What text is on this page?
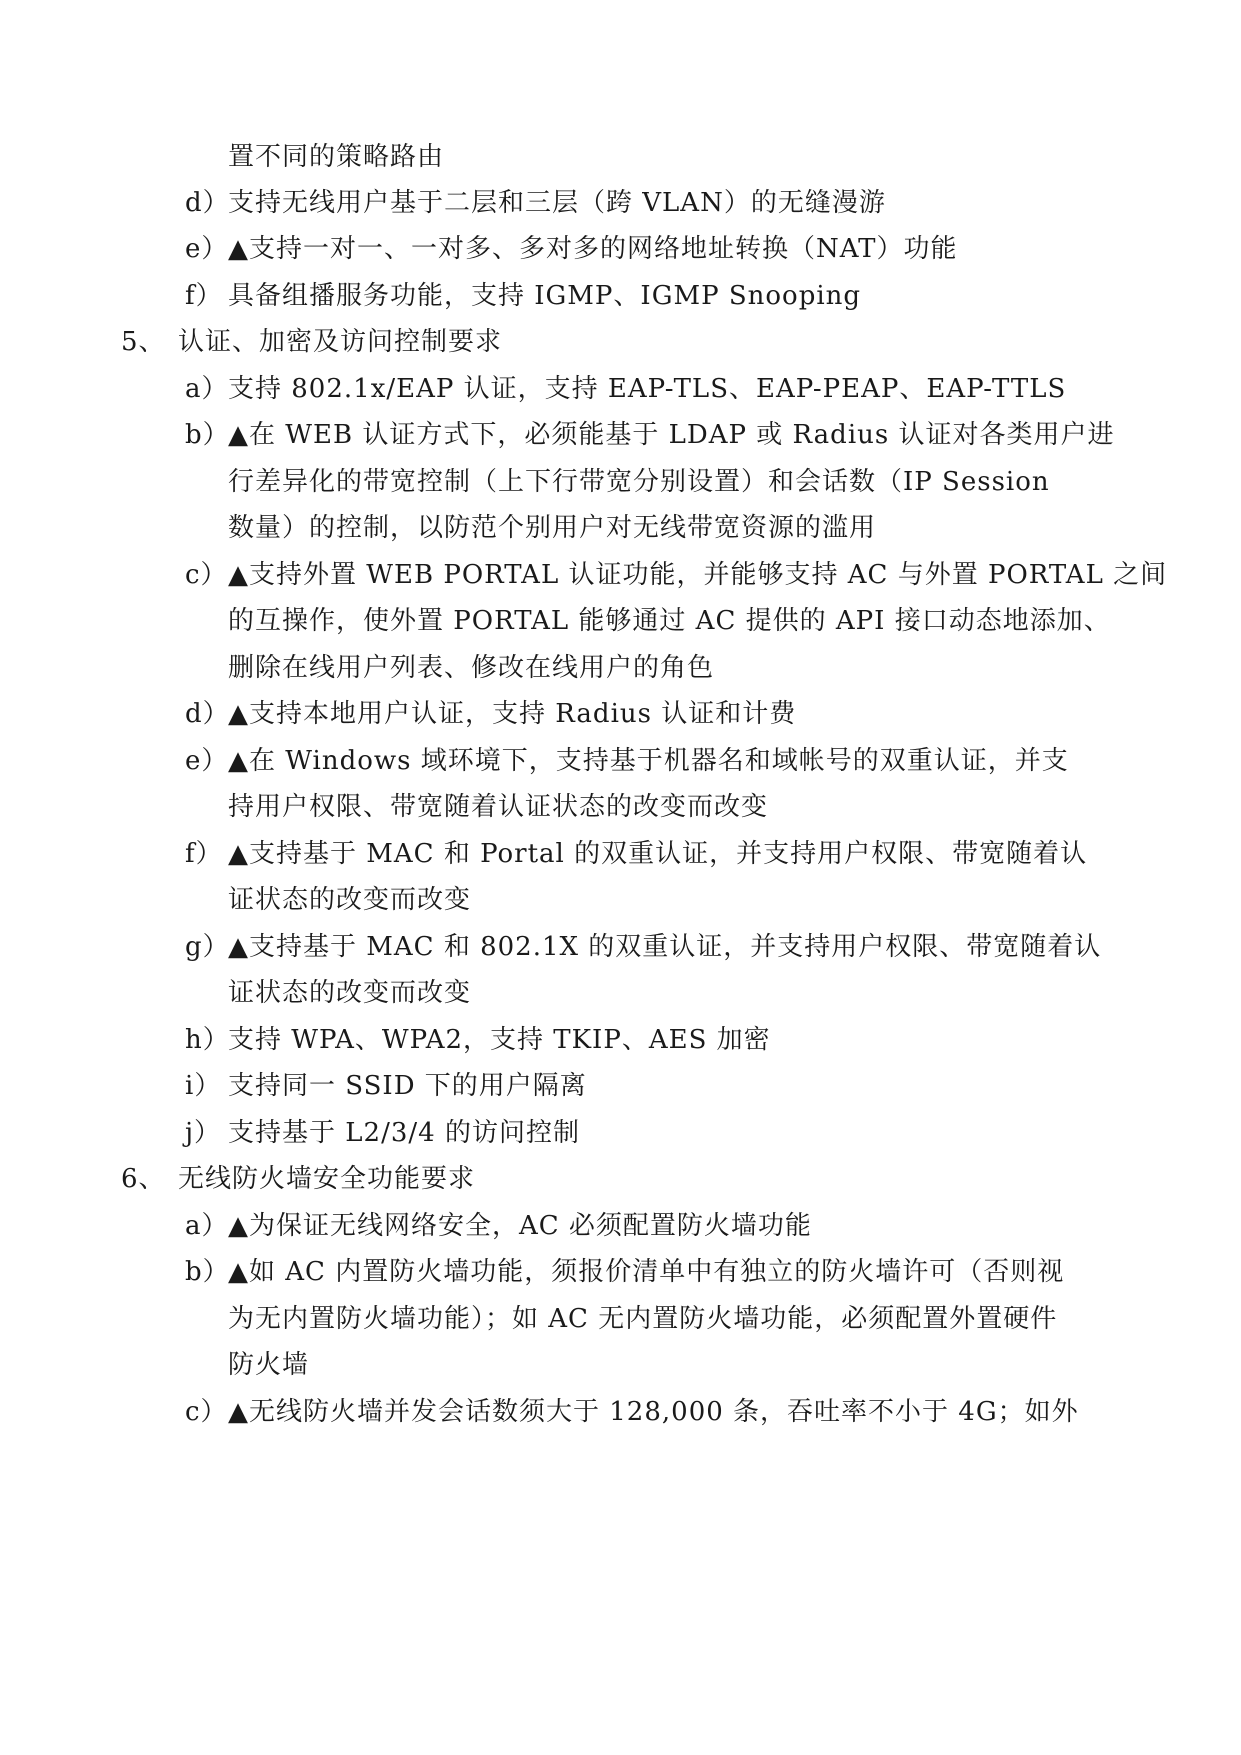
置不同的策略路由
d）
支持无线用户基于二层和三层（跨 VLAN）的无缝漫游
e） ▲支持一对一、一对多、多对多的网络地址转换（NAT）功能
f） 具备组播服务功能，支持 IGMP、IGMP Snooping
5、 认证、加密及访问控制要求
a） 支持 802.1x/EAP 认证，支持 EAP-TLS、EAP-PEAP、EAP-TTLS
b）
▲在 WEB 认证方式下，必须能基于 LDAP 或 Radius 认证对各类用户进
行差异化的带宽控制（上下行带宽分别设置）和会话数（IP Session
数量）的控制，以防范个别用户对无线带宽资源的滥用
c） ▲支持外置 WEB PORTAL 认证功能，并能够支持 AC 与外置 PORTAL 之间
的互操作，使外置 PORTAL 能够通过 AC 提供的 API 接口动态地添加、
删除在线用户列表、修改在线用户的角色
d）
▲支持本地用户认证，支持 Radius 认证和计费
e） ▲在 Windows 域环境下，支持基于机器名和域帐号的双重认证，并支
持用户权限、带宽随着认证状态的改变而改变
f） ▲支持基于 MAC 和 Portal 的双重认证，并支持用户权限、带宽随着认
证状态的改变而改变
g）
▲支持基于 MAC 和 802.1X 的双重认证，并支持用户权限、带宽随着认
证状态的改变而改变
h）
支持 WPA、WPA2，支持 TKIP、AES 加密
i） 支持同一 SSID 下的用户隔离
j） 支持基于 L2/3/4 的访问控制
6、 无线防火墙安全功能要求
a） ▲为保证无线网络安全，AC 必须配置防火墙功能
b）
▲如 AC 内置防火墙功能，须报价清单中有独立的防火墙许可（否则视
为无内置防火墙功能）；如 AC 无内置防火墙功能，必须配置外置硬件
防火墙
c） ▲无线防火墙并发会话数须大于 128,000 条，吞吐率不小于 4G；如外
